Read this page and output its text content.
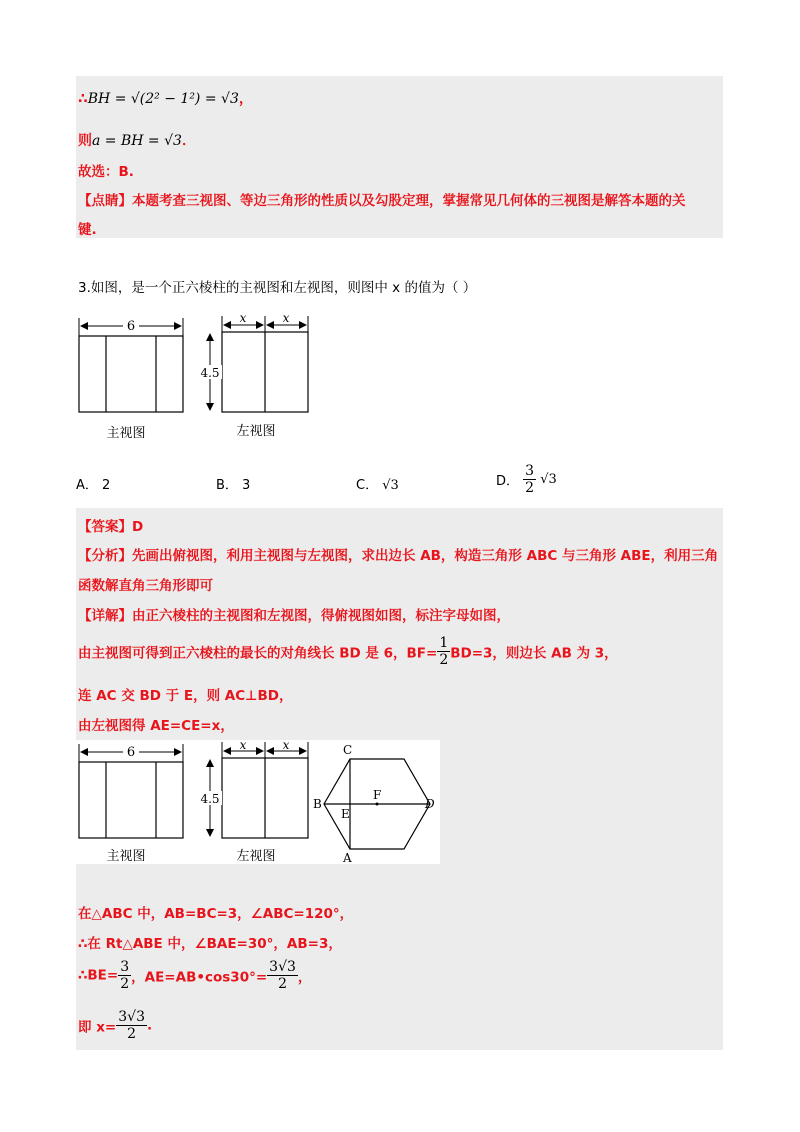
∴BH = √(2² − 1²) = √3，
则a = BH = √3．
故选：B.
【点睛】本题考查三视图、等边三角形的性质以及勾股定理，掌握常见几何体的三视图是解答本题的关
键.
3.如图，是一个正六棱柱的主视图和左视图，则图中 x 的值为（ ）
6
x	x
4.5
主视图	左视图
A． 2	B． 3	C． √3	D． $\frac{3}{2} √3$
【答案】D
【分析】先画出俯视图，利用主视图与左视图，求出边长 AB，构造三角形 ABC 与三角形 ABE，利用三角
函数解直角三角形即可
【详解】由正六棱柱的主视图和左视图，得俯视图如图，标注字母如图，
由主视图可得到正六棱柱的最长的对角线长 BD 是 6，$BF= \frac{1}{2} BD=3$，则边长 AB 为 3，
连 AC 交 BD 于 E，则 AC⊥BD，
由左视图得 AE=CE=x，
6
主视图
x	x
4.5
左视图
C
B
E
F
D
A
在△ABC 中，AB=BC=3，∠ABC=120°，
∴在 Rt△ABE 中，∠BAE=30°，AB=3，
∴BE= $\frac{3}{2}$ ，AE=AB•cos30°= $\frac{3√3}{2}$ ，
即 $x= \frac{3√3}{2}$ .
